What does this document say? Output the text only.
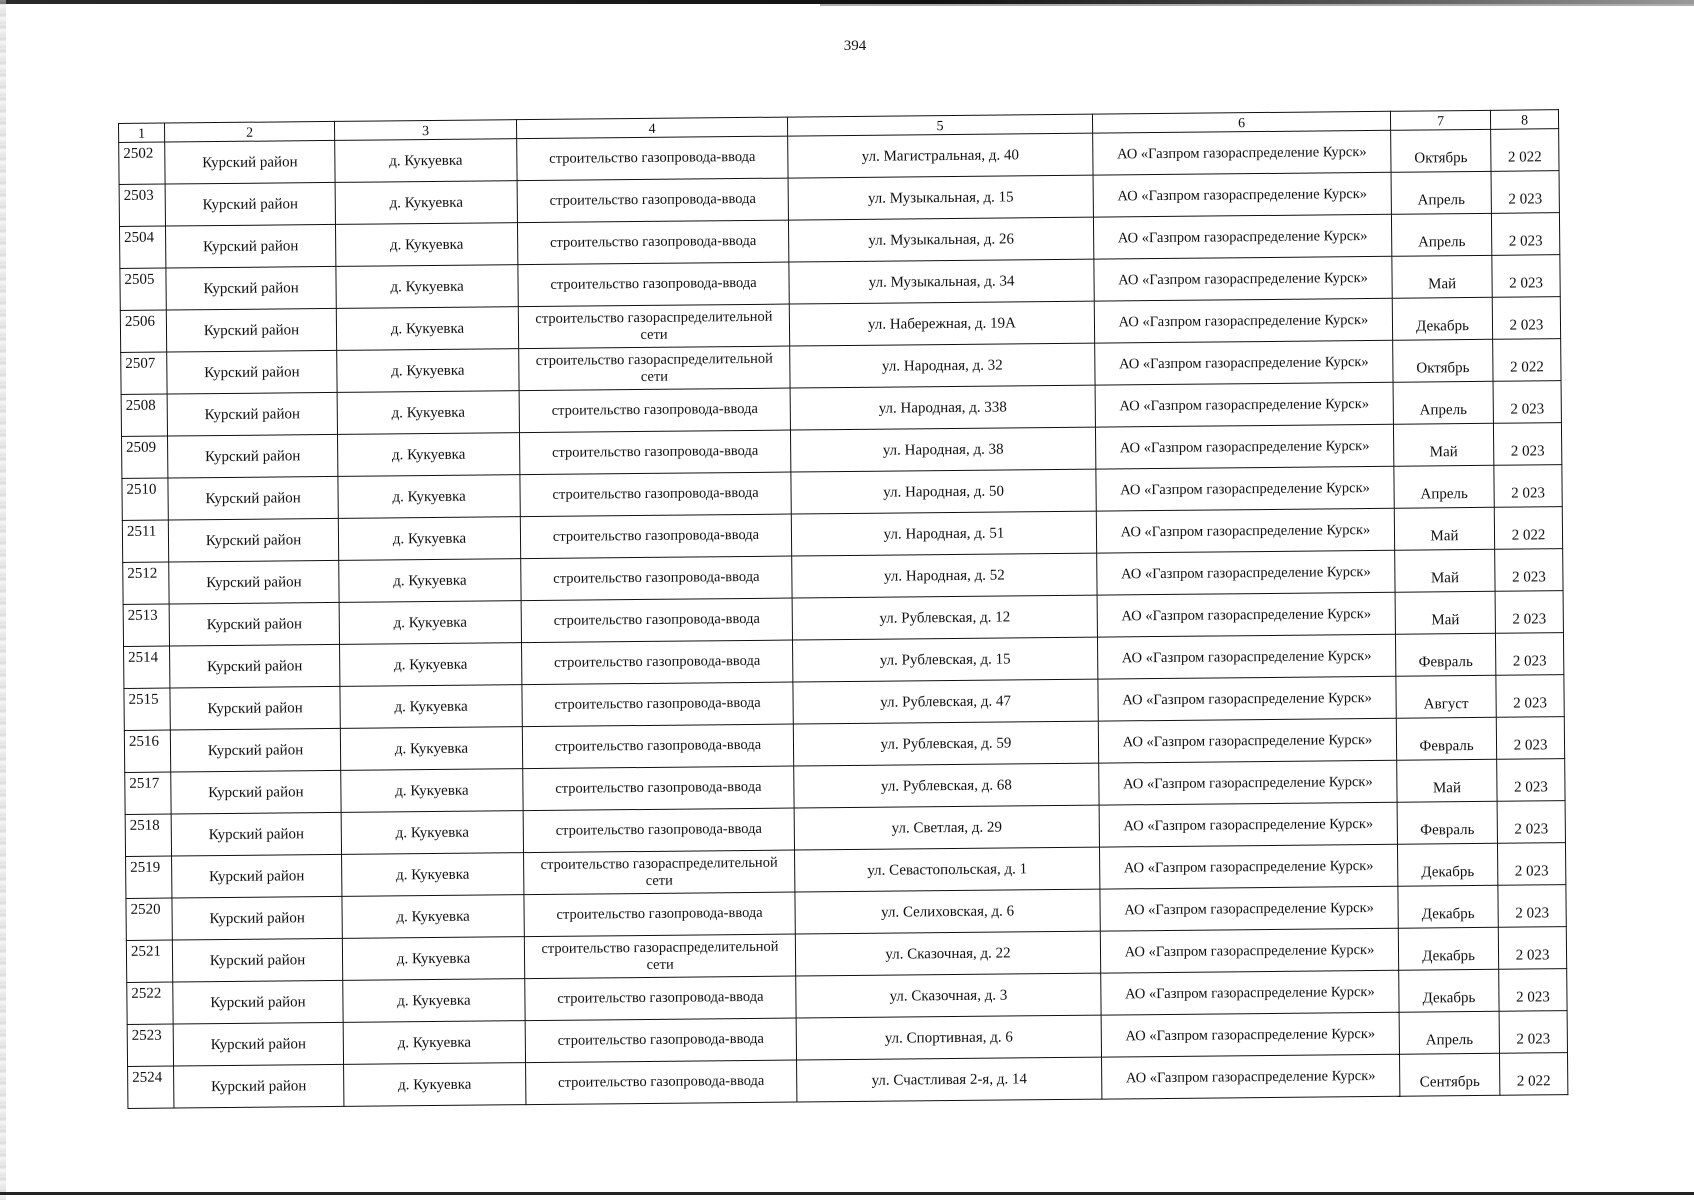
394
1	2	3	4	5	6	7	8
2502	Курский район	д. Кукуевка	строительство газопровода-ввода	ул. Магистральная, д. 40	АО «Газпром газораспределение Курск»	Октябрь	2 022
2503	Курский район	д. Кукуевка	строительство газопровода-ввода	ул. Музыкальная, д. 15	АО «Газпром газораспределение Курск»	Апрель	2 023
2504	Курский район	д. Кукуевка	строительство газопровода-ввода	ул. Музыкальная, д. 26	АО «Газпром газораспределение Курск»	Апрель	2 023
2505	Курский район	д. Кукуевка	строительство газопровода-ввода	ул. Музыкальная, д. 34	АО «Газпром газораспределение Курск»	Май	2 023
2506	Курский район	д. Кукуевка	строительство газораспределительной сети	ул. Набережная, д. 19А	АО «Газпром газораспределение Курск»	Декабрь	2 023
2507	Курский район	д. Кукуевка	строительство газораспределительной сети	ул. Народная, д. 32	АО «Газпром газораспределение Курск»	Октябрь	2 022
2508	Курский район	д. Кукуевка	строительство газопровода-ввода	ул. Народная, д. 338	АО «Газпром газораспределение Курск»	Апрель	2 023
2509	Курский район	д. Кукуевка	строительство газопровода-ввода	ул. Народная, д. 38	АО «Газпром газораспределение Курск»	Май	2 023
2510	Курский район	д. Кукуевка	строительство газопровода-ввода	ул. Народная, д. 50	АО «Газпром газораспределение Курск»	Апрель	2 023
2511	Курский район	д. Кукуевка	строительство газопровода-ввода	ул. Народная, д. 51	АО «Газпром газораспределение Курск»	Май	2 022
2512	Курский район	д. Кукуевка	строительство газопровода-ввода	ул. Народная, д. 52	АО «Газпром газораспределение Курск»	Май	2 023
2513	Курский район	д. Кукуевка	строительство газопровода-ввода	ул. Рублевская, д. 12	АО «Газпром газораспределение Курск»	Май	2 023
2514	Курский район	д. Кукуевка	строительство газопровода-ввода	ул. Рублевская, д. 15	АО «Газпром газораспределение Курск»	Февраль	2 023
2515	Курский район	д. Кукуевка	строительство газопровода-ввода	ул. Рублевская, д. 47	АО «Газпром газораспределение Курск»	Август	2 023
2516	Курский район	д. Кукуевка	строительство газопровода-ввода	ул. Рублевская, д. 59	АО «Газпром газораспределение Курск»	Февраль	2 023
2517	Курский район	д. Кукуевка	строительство газопровода-ввода	ул. Рублевская, д. 68	АО «Газпром газораспределение Курск»	Май	2 023
2518	Курский район	д. Кукуевка	строительство газопровода-ввода	ул. Светлая, д. 29	АО «Газпром газораспределение Курск»	Февраль	2 023
2519	Курский район	д. Кукуевка	строительство газораспределительной сети	ул. Севастопольская, д. 1	АО «Газпром газораспределение Курск»	Декабрь	2 023
2520	Курский район	д. Кукуевка	строительство газопровода-ввода	ул. Селиховская, д. 6	АО «Газпром газораспределение Курск»	Декабрь	2 023
2521	Курский район	д. Кукуевка	строительство газораспределительной сети	ул. Сказочная, д. 22	АО «Газпром газораспределение Курск»	Декабрь	2 023
2522	Курский район	д. Кукуевка	строительство газопровода-ввода	ул. Сказочная, д. 3	АО «Газпром газораспределение Курск»	Декабрь	2 023
2523	Курский район	д. Кукуевка	строительство газопровода-ввода	ул. Спортивная, д. 6	АО «Газпром газораспределение Курск»	Апрель	2 023
2524	Курский район	д. Кукуевка	строительство газопровода-ввода	ул. Счастливая 2-я, д. 14	АО «Газпром газораспределение Курск»	Сентябрь	2 022
